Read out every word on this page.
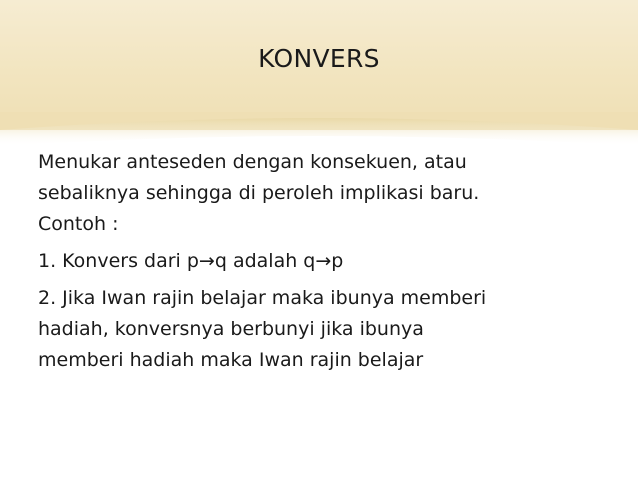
KONVERS

Menukar anteseden dengan konsekuen, atau

sebaliknya sehingga di peroleh implikasi baru.

Contoh :

1. Konvers dari p→q adalah q→p

2. Jika Iwan rajin belajar maka ibunya memberi

hadiah, konversnya berbunyi jika ibunya

memberi hadiah maka Iwan rajin belajar
